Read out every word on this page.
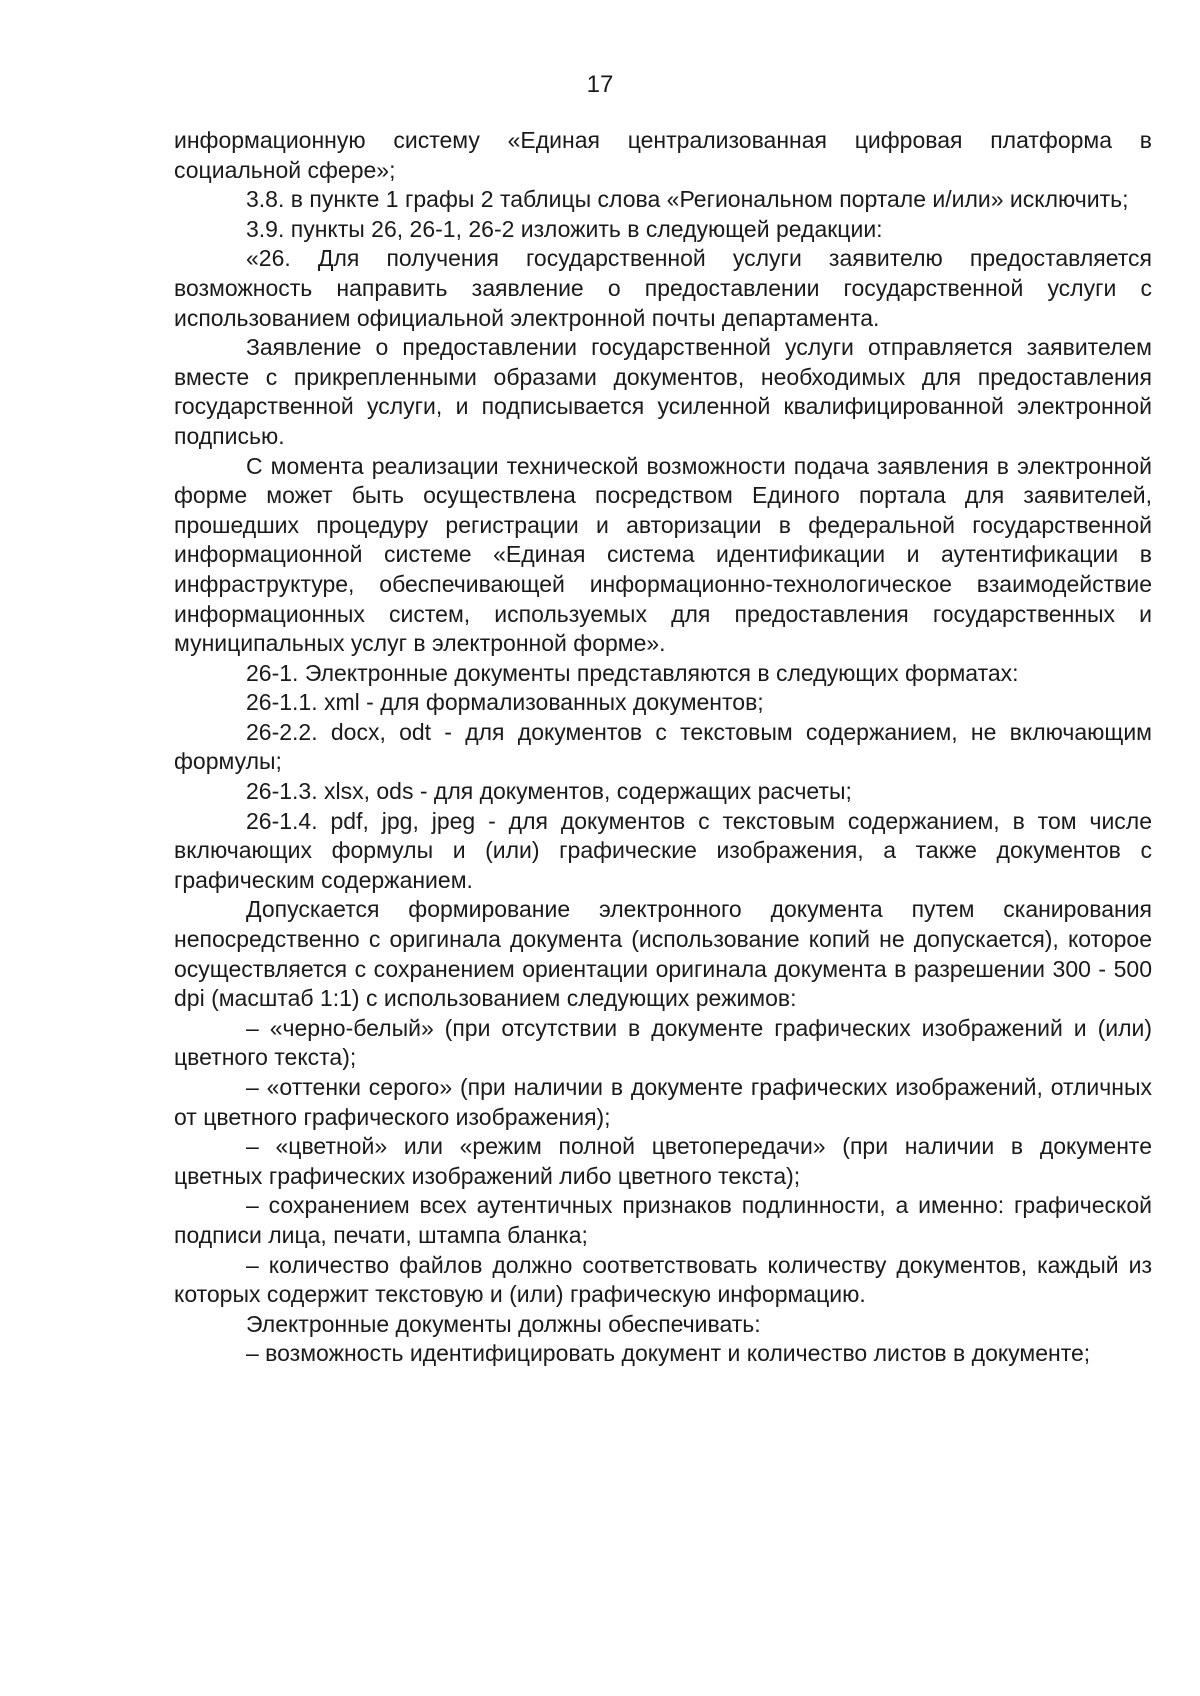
17

информационную систему «Единая централизованная цифровая платформа в социальной сфере»;

3.8. в пункте 1 графы 2 таблицы слова «Региональном портале и/или» исключить;

3.9. пункты 26, 26-1, 26-2 изложить в следующей редакции:

«26. Для получения государственной услуги заявителю предоставляется возможность направить заявление о предоставлении государственной услуги с использованием официальной электронной почты департамента.

Заявление о предоставлении государственной услуги отправляется заявителем вместе с прикрепленными образами документов, необходимых для предоставления государственной услуги, и подписывается усиленной квалифицированной электронной подписью.

С момента реализации технической возможности подача заявления в электронной форме может быть осуществлена посредством Единого портала для заявителей, прошедших процедуру регистрации и авторизации в федеральной государственной информационной системе «Единая система идентификации и аутентификации в инфраструктуре, обеспечивающей информационно-технологическое взаимодействие информационных систем, используемых для предоставления государственных и муниципальных услуг в электронной форме».

26-1. Электронные документы представляются в следующих форматах:

26-1.1. xml - для формализованных документов;

26-2.2. docx, odt - для документов с текстовым содержанием, не включающим формулы;

26-1.3. xlsx, ods - для документов, содержащих расчеты;

26-1.4. pdf, jpg, jpeg - для документов с текстовым содержанием, в том числе включающих формулы и (или) графические изображения, а также документов с графическим содержанием.

Допускается формирование электронного документа путем сканирования непосредственно с оригинала документа (использование копий не допускается), которое осуществляется с сохранением ориентации оригинала документа в разрешении 300 - 500 dpi (масштаб 1:1) с использованием следующих режимов:

– «черно-белый» (при отсутствии в документе графических изображений и (или) цветного текста);

– «оттенки серого» (при наличии в документе графических изображений, отличных от цветного графического изображения);

– «цветной» или «режим полной цветопередачи» (при наличии в документе цветных графических изображений либо цветного текста);

– сохранением всех аутентичных признаков подлинности, а именно: графической подписи лица, печати, штампа бланка;

– количество файлов должно соответствовать количеству документов, каждый из которых содержит текстовую и (или) графическую информацию.

Электронные документы должны обеспечивать:

– возможность идентифицировать документ и количество листов в документе;
